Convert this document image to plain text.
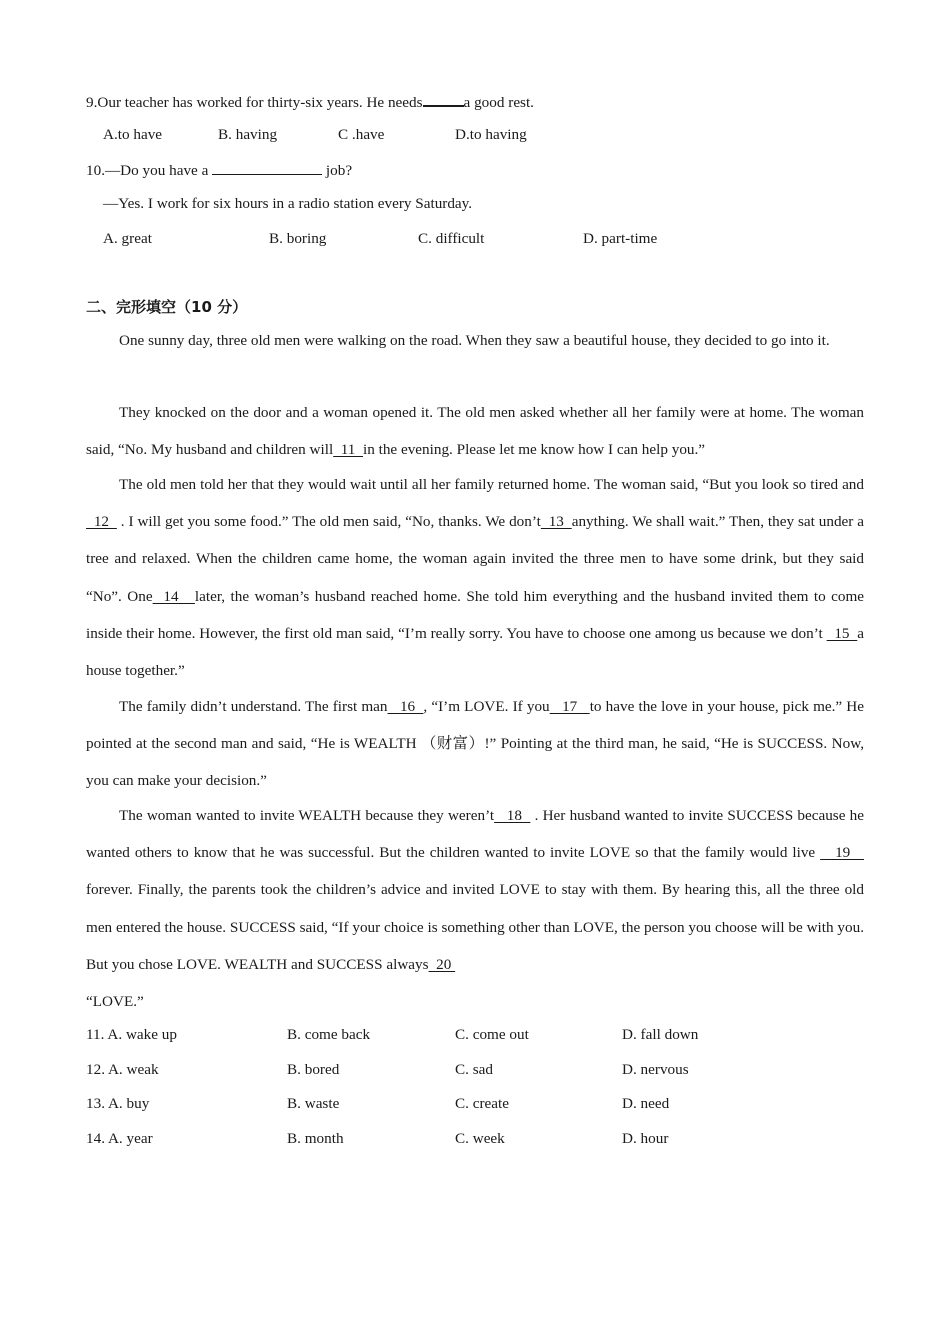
9.Our teacher has worked for thirty-six years. He needs	a good rest.
A.to have	B. having	C .have	D.to having
10.—Do you have a	job?
—Yes. I work for six hours in a radio station every Saturday.
A. great	B. boring	C. difficult	D. part-time
二、完形填空（10 分）
One sunny day, three old men were walking on the road. When they saw a beautiful house, they decided to go into it.
They knocked on the door and a woman opened it. The old men asked whether all her family were at home. The woman said, “No. My husband and children will  11  in the evening. Please let me know how I can help you.”
The old men told her that they would wait until all her family returned home. The woman said, “But you look so tired and  12   . I will get you some food.” The old men said, “No, thanks. We don’t  13  anything. We shall wait.” Then, they sat under a tree and relaxed. When the children came home, the woman again invited the three men to have some drink, but they said “No”. One  14   later, the woman’s husband reached home. She told him everything and the husband invited them to come inside their home. However, the first old man said, “I’m really sorry. You have to choose one among us because we don’t   15  a house together.”
The family didn’t understand. The first man   16  , “I’m LOVE. If you   17   to have the love in your house, pick me.” He pointed at the second man and said, “He is WEALTH （财富）!” Pointing at the third man, he said, “He is SUCCESS. Now, you can make your decision.”
The woman wanted to invite WEALTH because they weren’t   18   . Her husband wanted to invite SUCCESS because he wanted others to know that he was successful. But the children wanted to invite LOVE so that the family would live    19    forever. Finally, the parents took the children’s advice and invited LOVE to stay with them. By hearing this, all the three old men entered the house. SUCCESS said, “If your choice is something other than LOVE, the person you choose will be with you. But you chose LOVE. WEALTH and SUCCESS always  20
“LOVE.”
11. A. wake up	B. come back	C. come out	D. fall down
12. A. weak	B. bored	C. sad	D. nervous
13. A. buy	B. waste	C. create	D. need
14. A. year	B. month	C. week	D. hour
